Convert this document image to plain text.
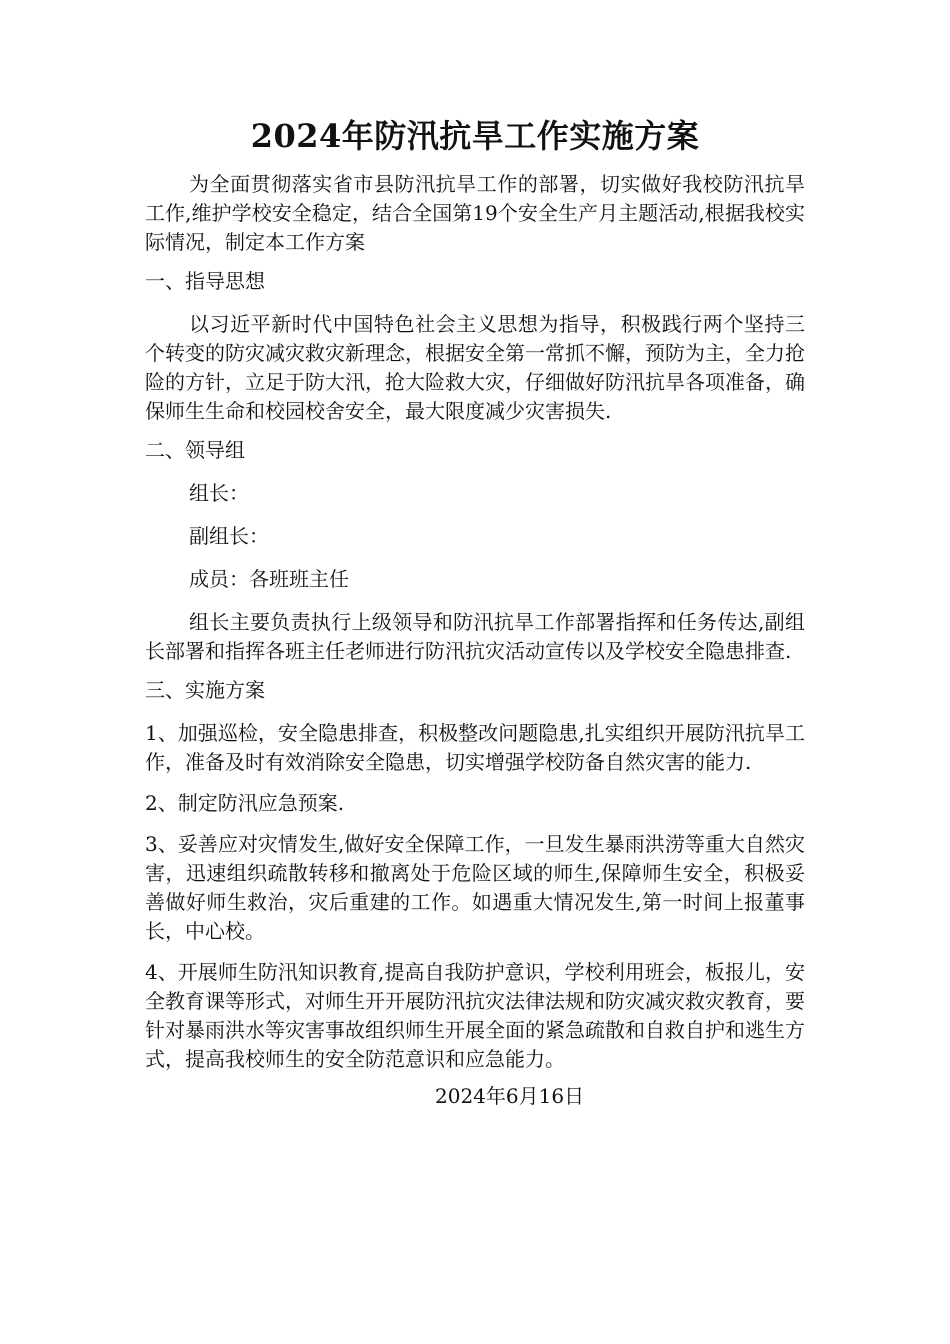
2024年防汛抗旱工作实施方案

为全面贯彻落实省市县防汛抗旱工作的部署，切实做好我校防汛抗旱工作,维护学校安全稳定，结合全国第19个安全生产月主题活动,根据我校实际情况，制定本工作方案

一、指导思想

以习近平新时代中国特色社会主义思想为指导，积极践行两个坚持三个转变的防灾减灾救灾新理念，根据安全第一常抓不懈，预防为主，全力抢险的方针，立足于防大汛，抢大险救大灾，仔细做好防汛抗旱各项准备，确保师生生命和校园校舍安全，最大限度减少灾害损失.

二、领导组

组长：

副组长：

成员：各班班主任

组长主要负责执行上级领导和防汛抗旱工作部署指挥和任务传达,副组长部署和指挥各班主任老师进行防汛抗灾活动宣传以及学校安全隐患排查.

三、实施方案

1、加强巡检，安全隐患排查，积极整改问题隐患,扎实组织开展防汛抗旱工作，准备及时有效消除安全隐患，切实增强学校防备自然灾害的能力.

2、制定防汛应急预案.

3、妥善应对灾情发生,做好安全保障工作，一旦发生暴雨洪涝等重大自然灾害，迅速组织疏散转移和撤离处于危险区域的师生,保障师生安全，积极妥善做好师生救治，灾后重建的工作。如遇重大情况发生,第一时间上报董事长，中心校。

4、开展师生防汛知识教育,提高自我防护意识，学校利用班会，板报儿，安全教育课等形式，对师生开开展防汛抗灾法律法规和防灾减灾救灾教育，要针对暴雨洪水等灾害事故组织师生开展全面的紧急疏散和自救自护和逃生方式，提高我校师生的安全防范意识和应急能力。

2024年6月16日
